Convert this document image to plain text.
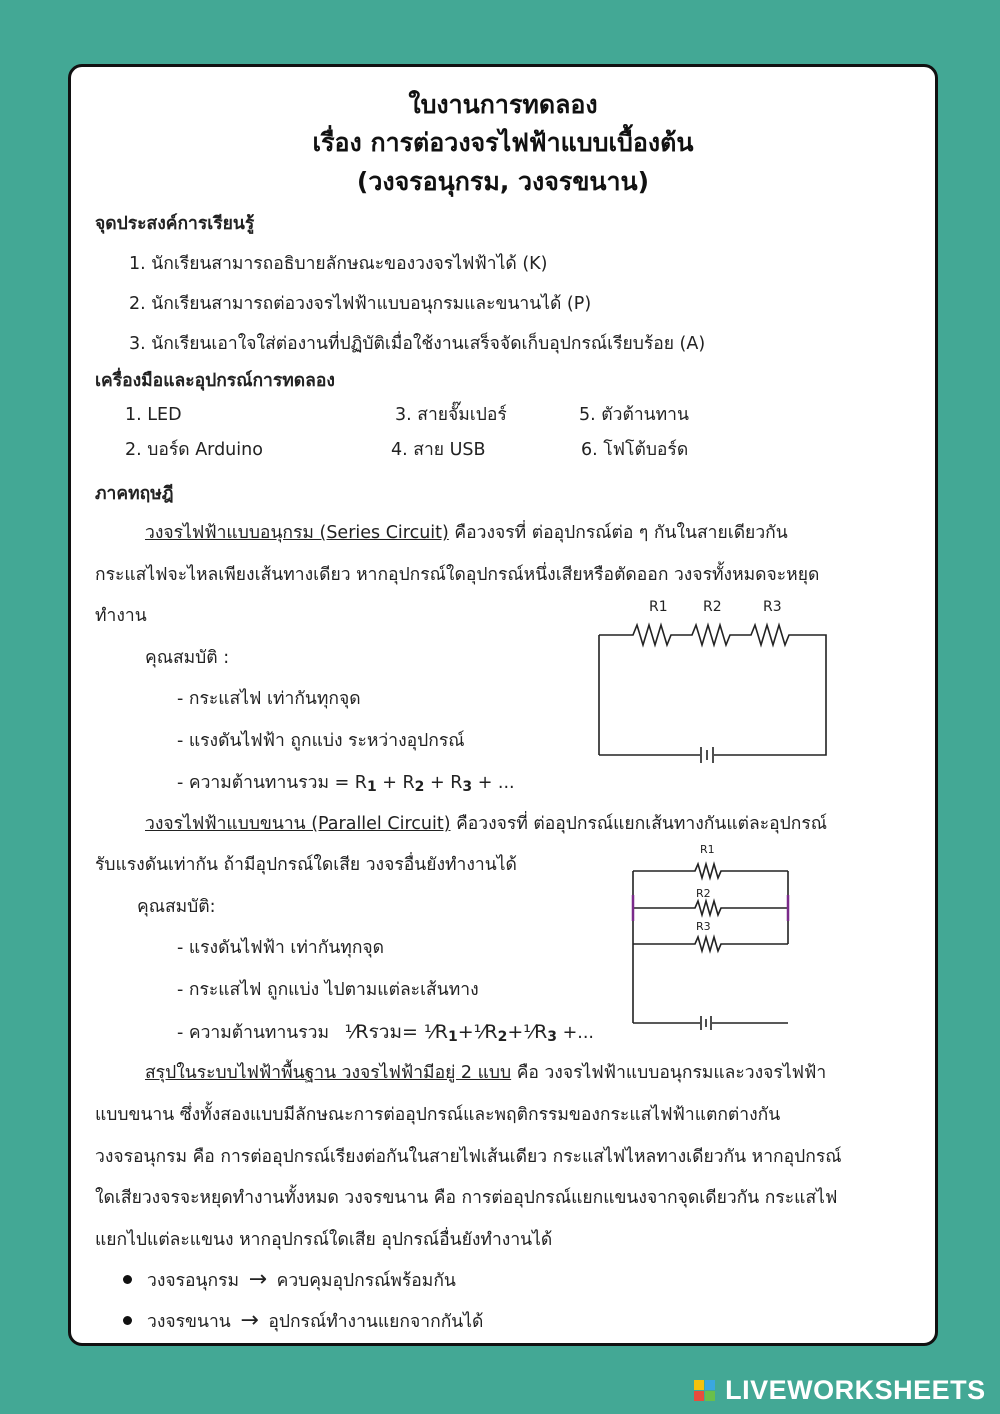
ใบงานการทดลอง
เรื่อง การต่อวงจรไฟฟ้าแบบเบื้องต้น
(วงจรอนุกรม, วงจรขนาน)
จุดประสงค์การเรียนรู้
1. นักเรียนสามารถอธิบายลักษณะของวงจรไฟฟ้าได้ (K)
2. นักเรียนสามารถต่อวงจรไฟฟ้าแบบอนุกรมและขนานได้ (P)
3. นักเรียนเอาใจใส่ต่องานที่ปฏิบัติเมื่อใช้งานเสร็จจัดเก็บอุปกรณ์เรียบร้อย (A)
เครื่องมือและอุปกรณ์การทดลอง
1. LED
2. บอร์ด Arduino
3. สายจั๊มเปอร์
4. สาย USB
5. ตัวต้านทาน
6. โฟโต้บอร์ด
ภาคทฤษฎี
วงจรไฟฟ้าแบบอนุกรม (Series Circuit) คือวงจรที่ ต่ออุปกรณ์ต่อ ๆ กันในสายเดียวกัน
กระแสไฟจะไหลเพียงเส้นทางเดียว หากอุปกรณ์ใดอุปกรณ์หนึ่งเสียหรือตัดออก วงจรทั้งหมดจะหยุด
ทำงาน
คุณสมบัติ :
- กระแสไฟ เท่ากันทุกจุด
- แรงดันไฟฟ้า ถูกแบ่ง ระหว่างอุปกรณ์
- ความต้านทานรวม = R1 + R2 + R3 + ...
วงจรไฟฟ้าแบบขนาน (Parallel Circuit) คือวงจรที่ ต่ออุปกรณ์แยกเส้นทางกันแต่ละอุปกรณ์
รับแรงดันเท่ากัน ถ้ามีอุปกรณ์ใดเสีย วงจรอื่นยังทำงานได้
คุณสมบัติ:
- แรงดันไฟฟ้า เท่ากันทุกจุด
- กระแสไฟ ถูกแบ่ง ไปตามแต่ละเส้นทาง
- ความต้านทานรวม ⅟Rรวม= ⅟R1+⅟R2+⅟R3 +...
สรุปในระบบไฟฟ้าพื้นฐาน วงจรไฟฟ้ามีอยู่ 2 แบบ คือ วงจรไฟฟ้าแบบอนุกรมและวงจรไฟฟ้า
แบบขนาน ซึ่งทั้งสองแบบมีลักษณะการต่ออุปกรณ์และพฤติกรรมของกระแสไฟฟ้าแตกต่างกัน
วงจรอนุกรม คือ การต่ออุปกรณ์เรียงต่อกันในสายไฟเส้นเดียว กระแสไฟไหลทางเดียวกัน หากอุปกรณ์
ใดเสียวงจรจะหยุดทำงานทั้งหมด วงจรขนาน คือ การต่ออุปกรณ์แยกแขนงจากจุดเดียวกัน กระแสไฟ
แยกไปแต่ละแขนง หากอุปกรณ์ใดเสีย อุปกรณ์อื่นยังทำงานได้
วงจรอนุกรม → ควบคุมอุปกรณ์พร้อมกัน
วงจรขนาน → อุปกรณ์ทำงานแยกจากกันได้
R1	R2	R3
R1
R2
R3
LIVEWORKSHEETS
